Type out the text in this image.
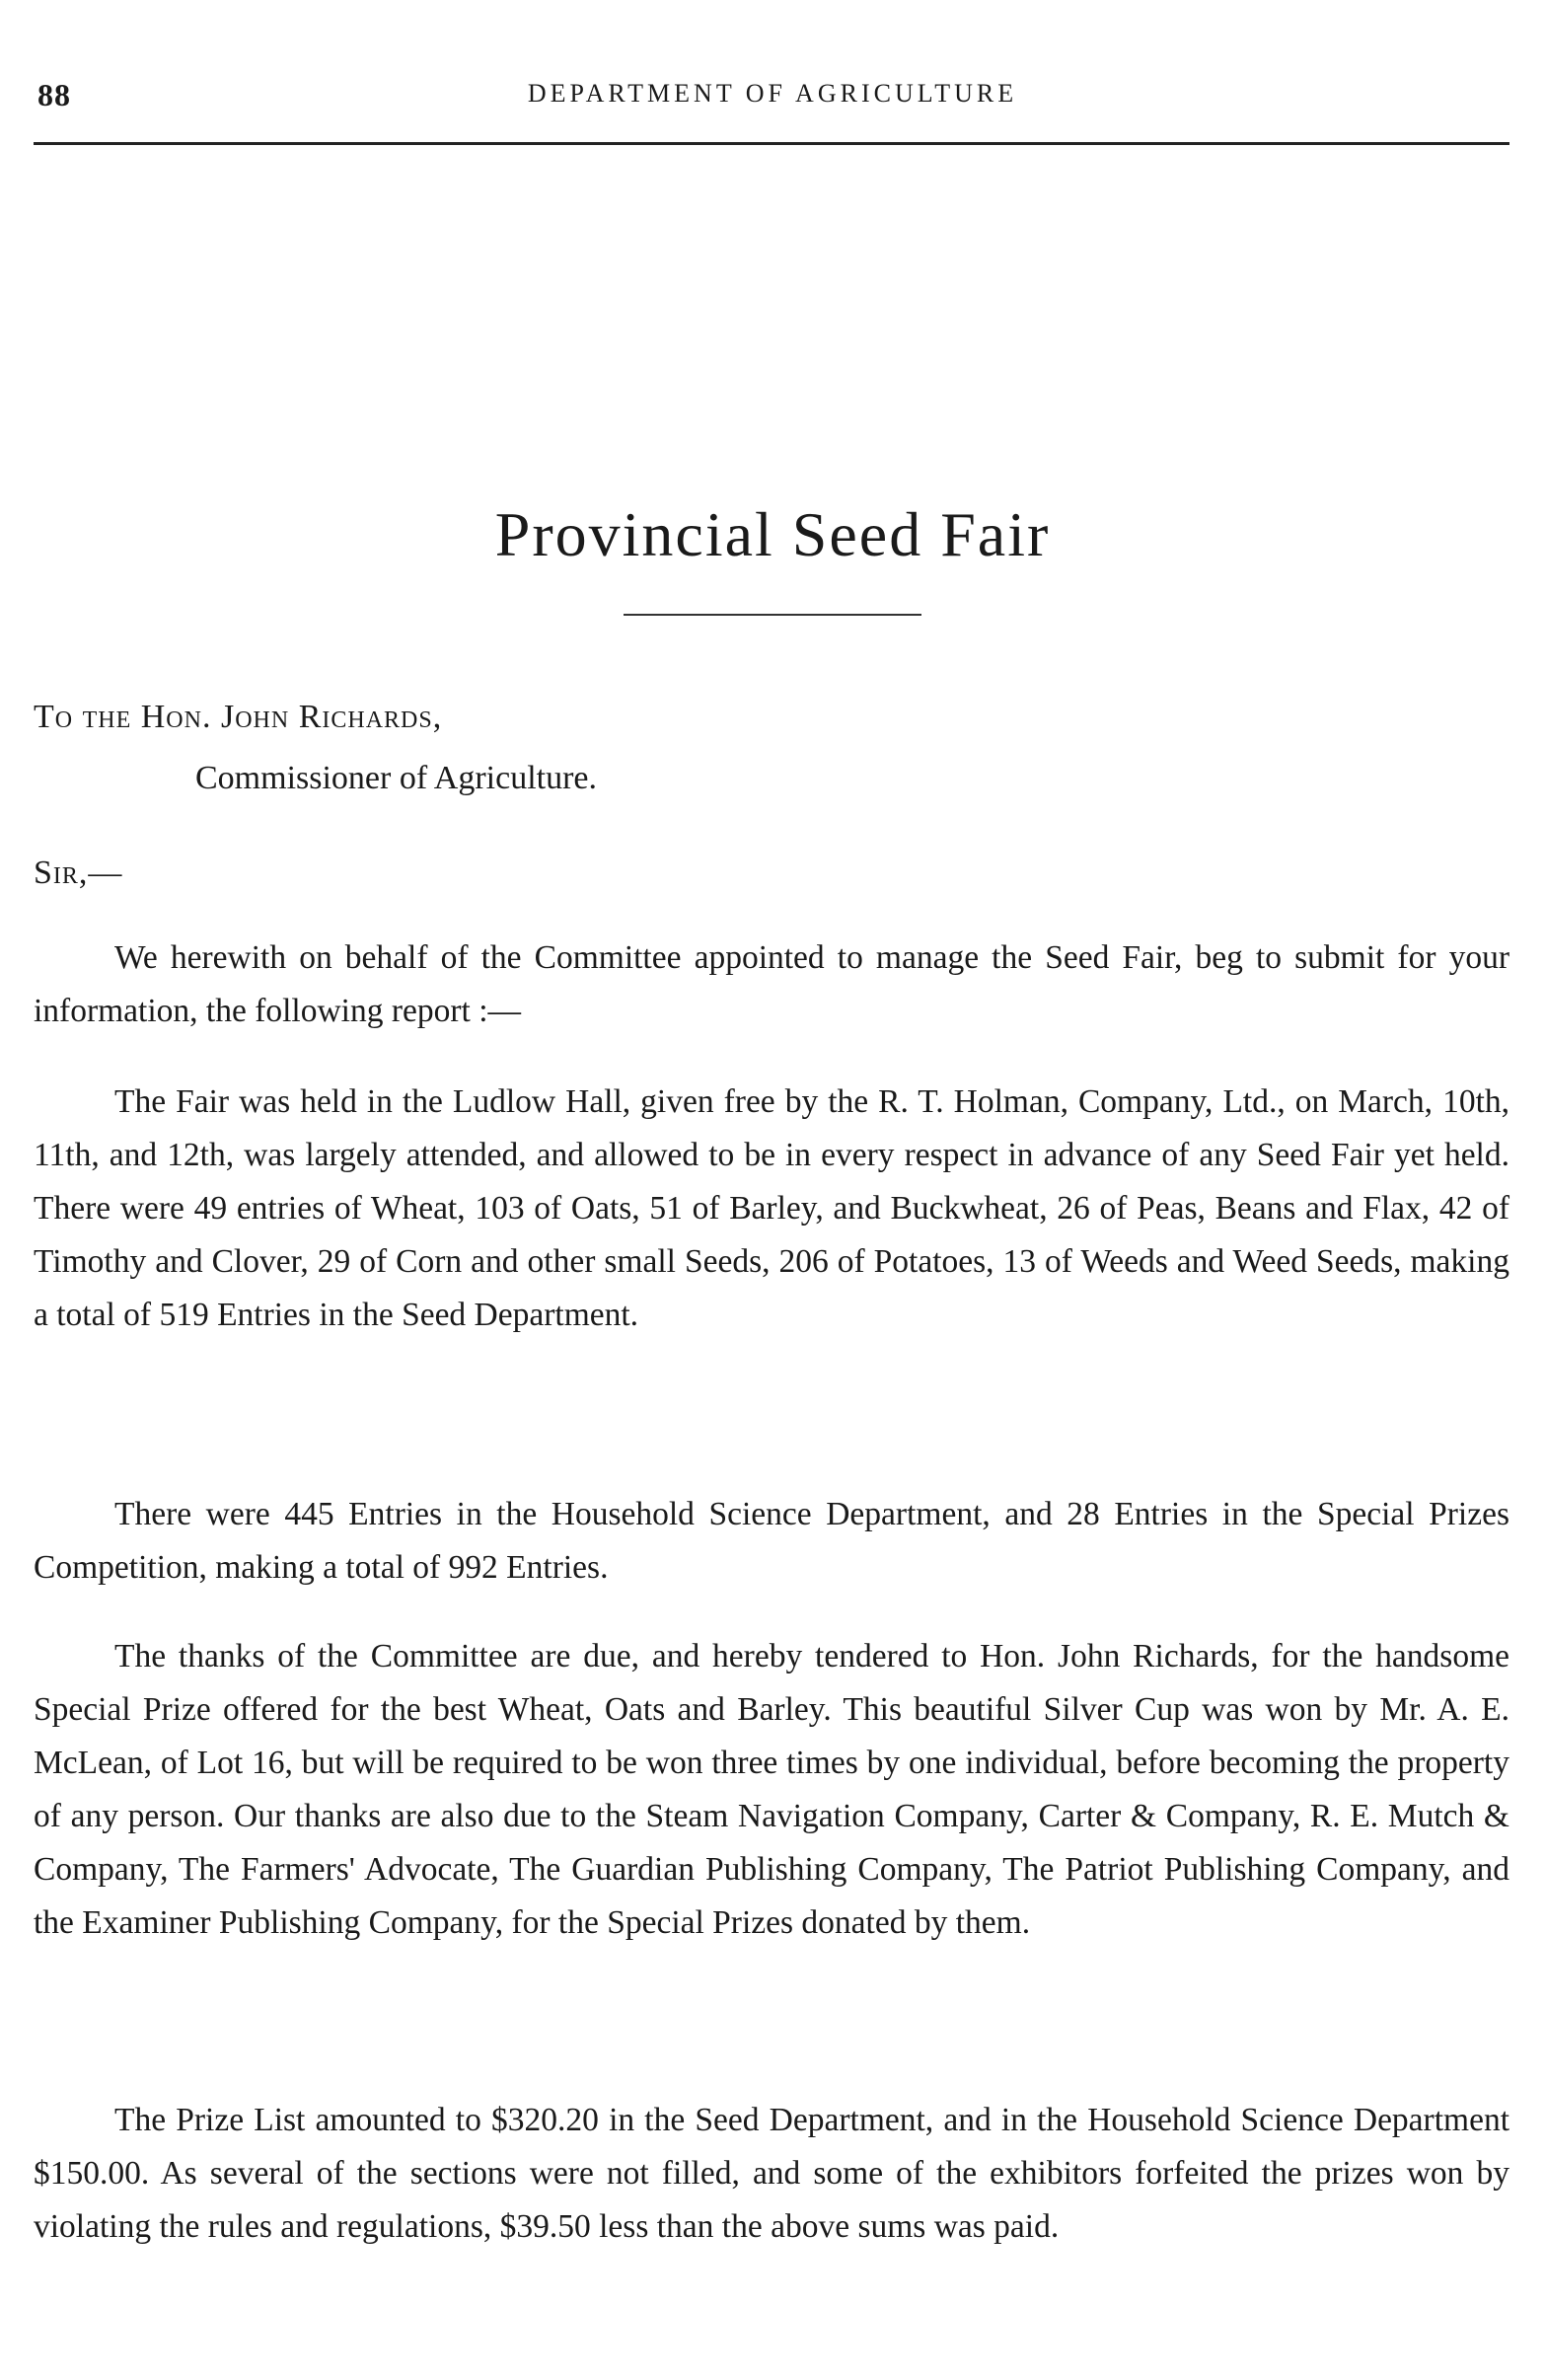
88	DEPARTMENT OF AGRICULTURE
Provincial Seed Fair
To the Hon. John Richards,
Commissioner of Agriculture.
Sir,—

We herewith on behalf of the Committee appointed to manage the Seed Fair, beg to submit for your information, the following report :—

The Fair was held in the Ludlow Hall, given free by the R. T. Holman, Company, Ltd., on March, 10th, 11th, and 12th, was largely attended, and allowed to be in every respect in advance of any Seed Fair yet held. There were 49 entries of Wheat, 103 of Oats, 51 of Barley, and Buckwheat, 26 of Peas, Beans and Flax, 42 of Timothy and Clover, 29 of Corn and other small Seeds, 206 of Potatoes, 13 of Weeds and Weed Seeds, making a total of 519 Entries in the Seed Department.

There were 445 Entries in the Household Science Department, and 28 Entries in the Special Prizes Competition, making a total of 992 Entries.

The thanks of the Committee are due, and hereby tendered to Hon. John Richards, for the handsome Special Prize offered for the best Wheat, Oats and Barley. This beautiful Silver Cup was won by Mr. A. E. McLean, of Lot 16, but will be required to be won three times by one individual, before becoming the property of any person. Our thanks are also due to the Steam Navigation Company, Carter & Company, R. E. Mutch & Company, The Farmers' Advocate, The Guardian Publishing Company, The Patriot Publishing Company, and the Examiner Publishing Company, for the Special Prizes donated by them.

The Prize List amounted to $320.20 in the Seed Department, and in the Household Science Department $150.00. As several of the sections were not filled, and some of the exhibitors forfeited the prizes won by violating the rules and regulations, $39.50 less than the above sums was paid.
